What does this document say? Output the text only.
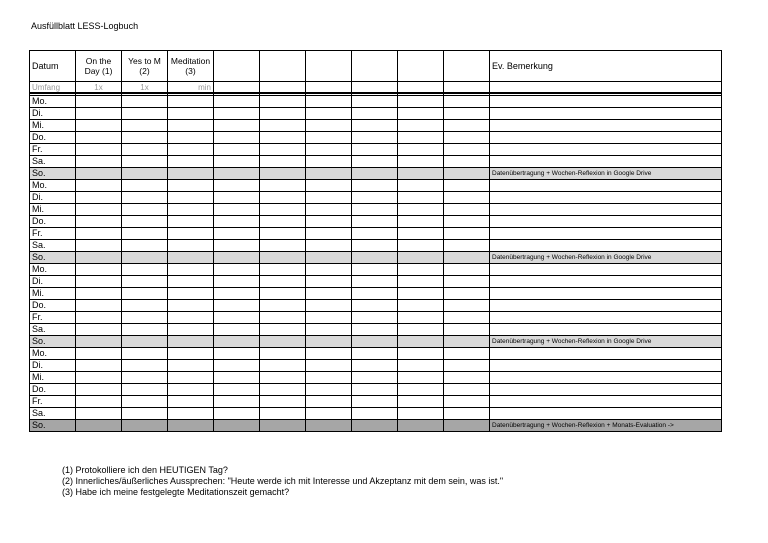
Ausfüllblatt LESS-Logbuch
Datum	On the Day (1)	Yes to M (2)	Meditation (3)							Ev. Bemerkung
Umfang	1x	1x	min							

Mo.										
Di.										
Mi.										
Do.										
Fr.										
Sa.										
So.										Datenübertragung + Wochen-Reflexion in Google Drive
Mo.										
Di.										
Mi.										
Do.										
Fr.										
Sa.										
So.										Datenübertragung + Wochen-Reflexion in Google Drive
Mo.										
Di.										
Mi.										
Do.										
Fr.										
Sa.										
So.										Datenübertragung + Wochen-Reflexion in Google Drive
Mo.										
Di.										
Mi.										
Do.										
Fr.										
Sa.										
So.										Datenübertragung + Wochen-Reflexion + Monats-Evaluation ->
(1) Protokolliere ich den HEUTIGEN Tag?
(2) Innerliches/äußerliches Aussprechen: "Heute werde ich mit Interesse und Akzeptanz mit dem sein, was ist."
(3) Habe ich meine festgelegte Meditationszeit gemacht?
